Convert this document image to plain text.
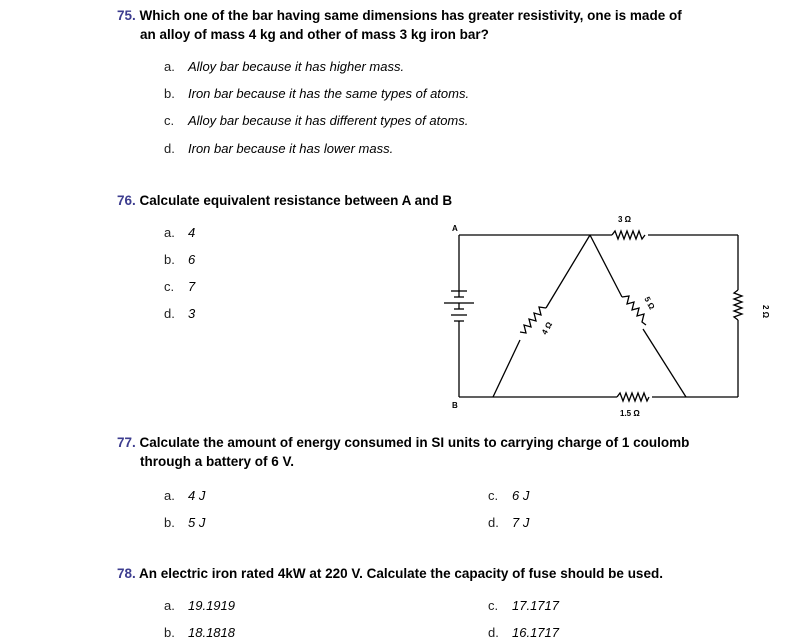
75. Which one of the bar having same dimensions has greater resistivity, one is made of
an alloy of mass 4 kg and other of mass 3 kg iron bar?
a. Alloy bar because it has higher mass.
b. Iron bar because it has the same types of atoms.
c. Alloy bar because it has different types of atoms.
d. Iron bar because it has lower mass.
76. Calculate equivalent resistance between A and B
a. 4
b. 6
c. 7
d. 3
A
B
3 Ω
1.5 Ω
4 Ω
5 Ω
2 Ω
77. Calculate the amount of energy consumed in SI units to carrying charge of 1 coulomb
through a battery of 6 V.
a. 4 J
b. 5 J
c. 6 J
d. 7 J
78. An electric iron rated 4kW at 220 V. Calculate the capacity of fuse should be used.
a. 19.1919
b. 18.1818
c. 17.1717
d. 16.1717
